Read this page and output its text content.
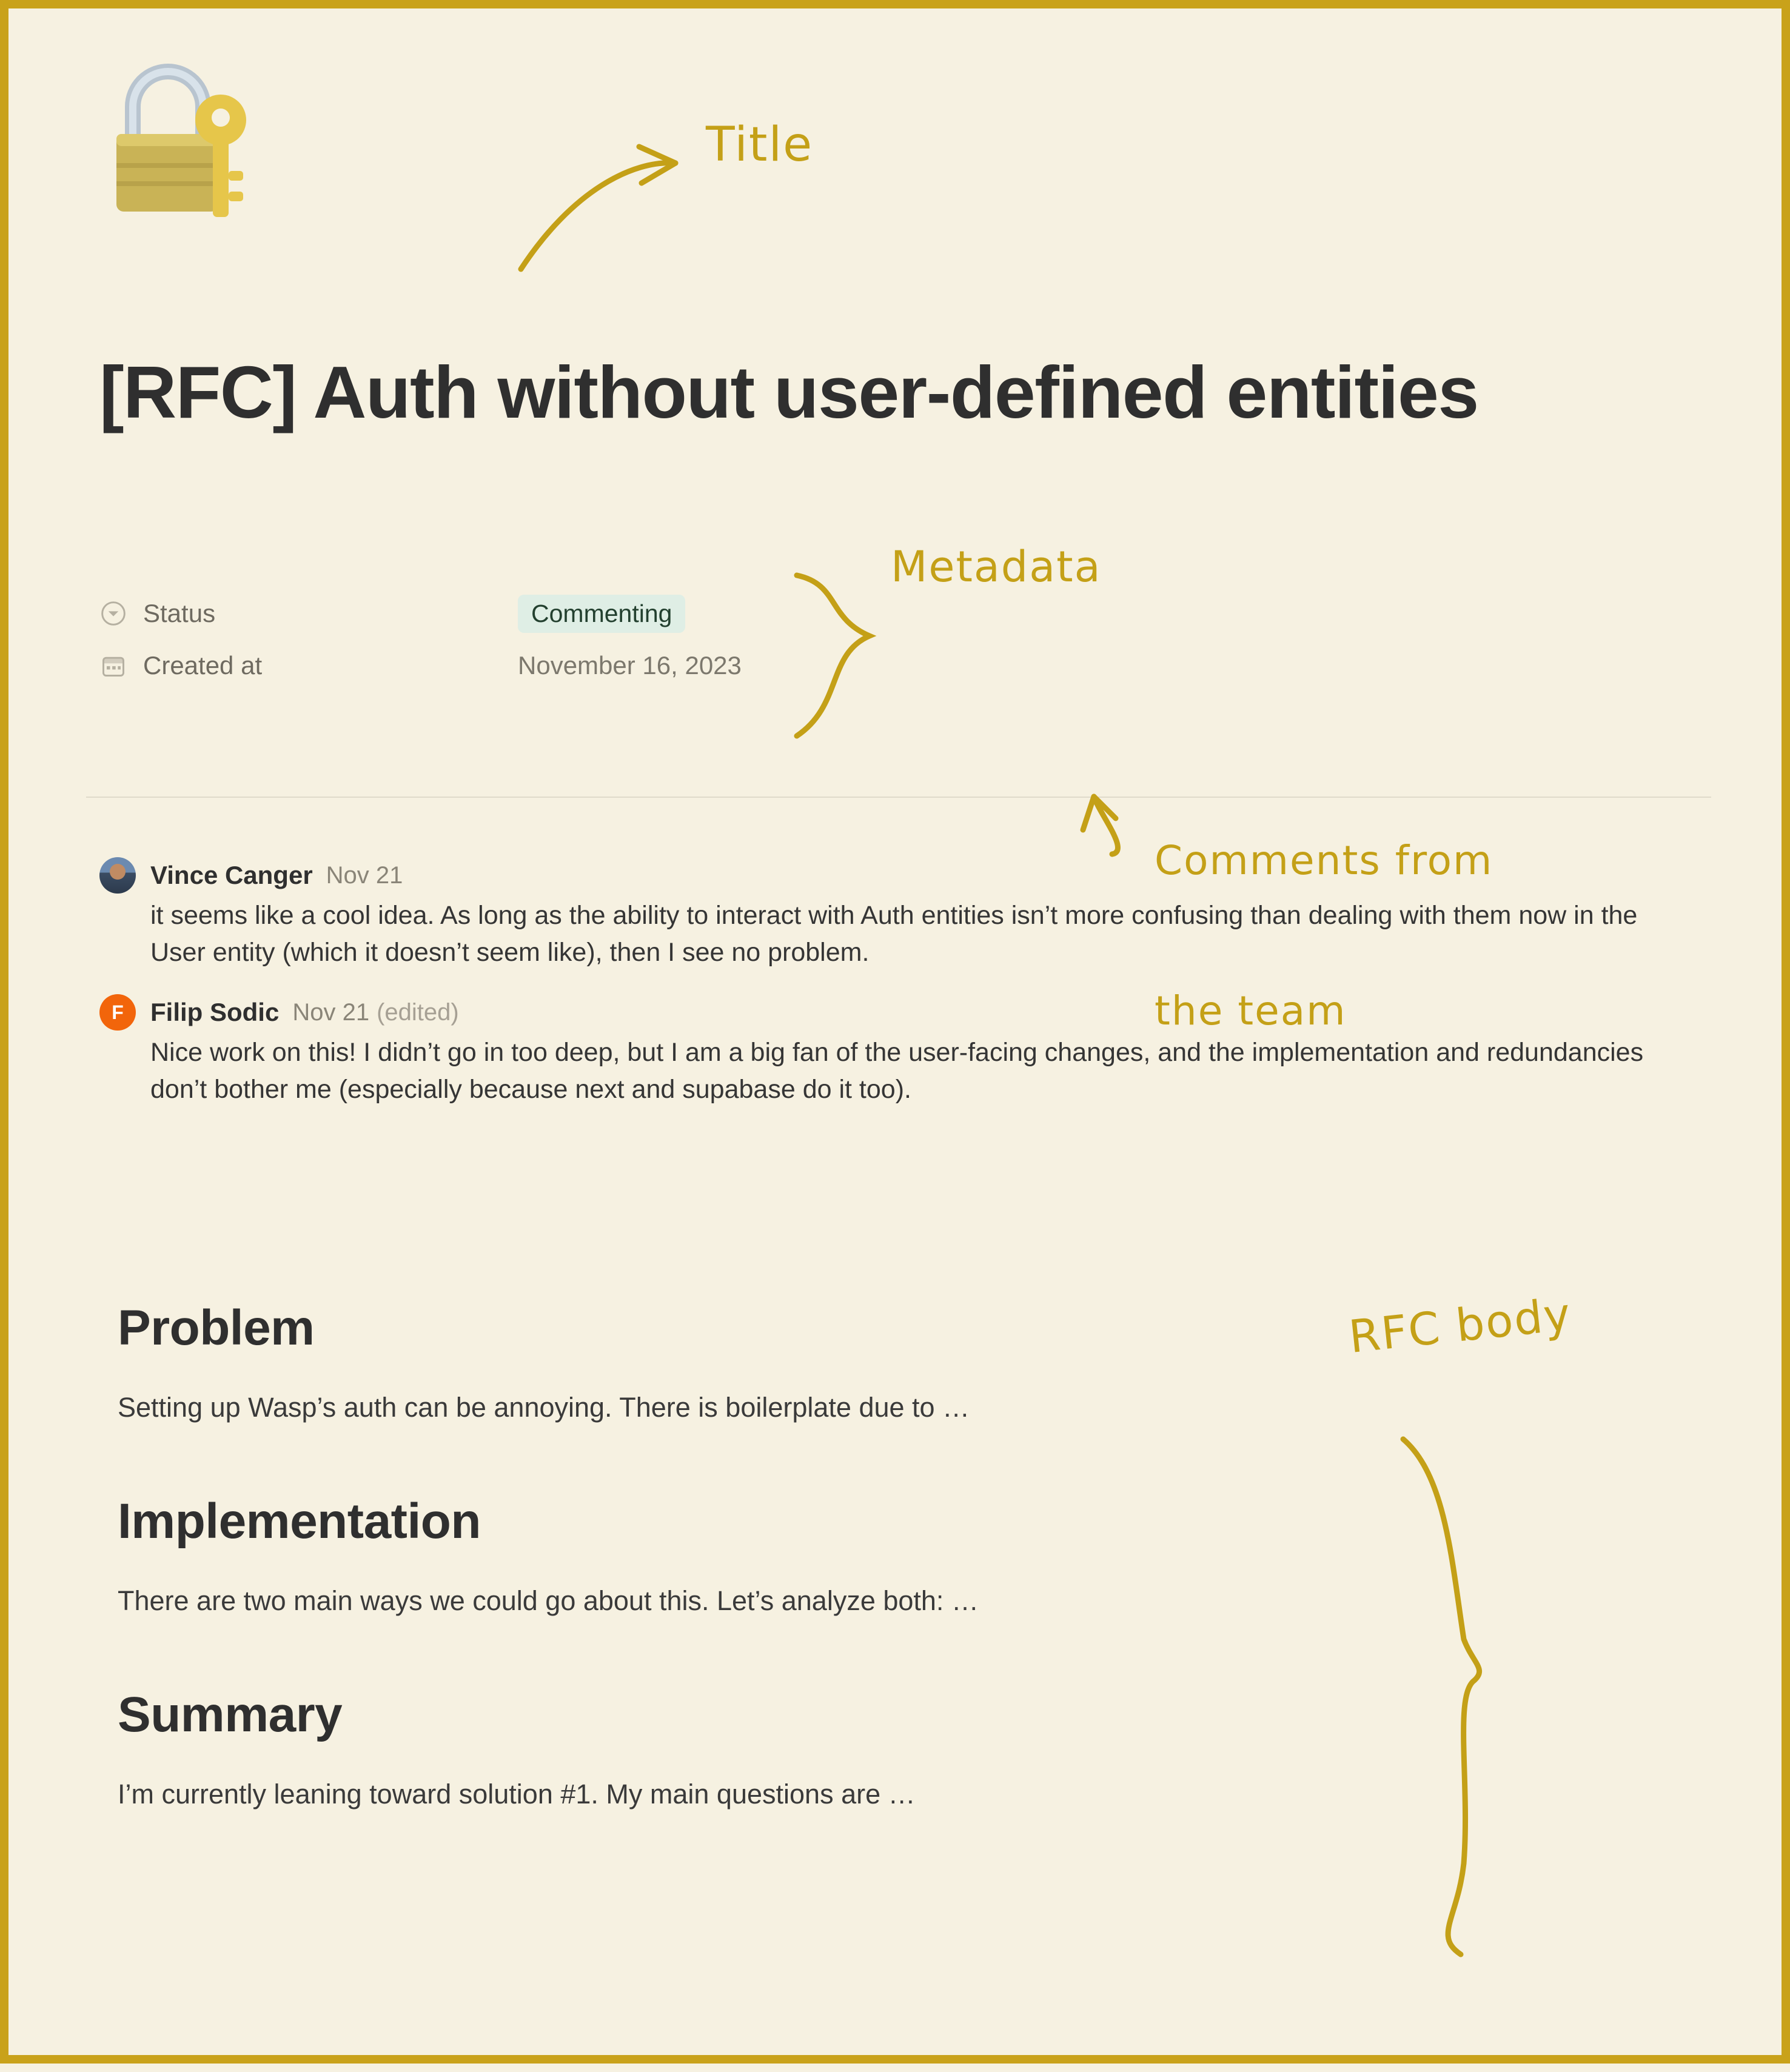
[RFC] Auth without user-defined entities
Status	Commenting
Created at	November 16, 2023
Vince Canger Nov 21
it seems like a cool idea. As long as the ability to interact with Auth entities isn’t more confusing than dealing with them now in the User entity (which it doesn’t seem like), then I see no problem.
F	Filip Sodic Nov 21 (edited)
Nice work on this! I didn’t go in too deep, but I am a big fan of the user-facing changes, and the implementation and redundancies don’t bother me (especially because next and supabase do it too).
Problem

Setting up Wasp’s auth can be annoying. There is boilerplate due to …

Implementation

There are two main ways we could go about this. Let’s analyze both: …

Summary

I’m currently leaning toward solution #1. My main questions are …

Title
Metadata

Comments from

the team

RFC body
